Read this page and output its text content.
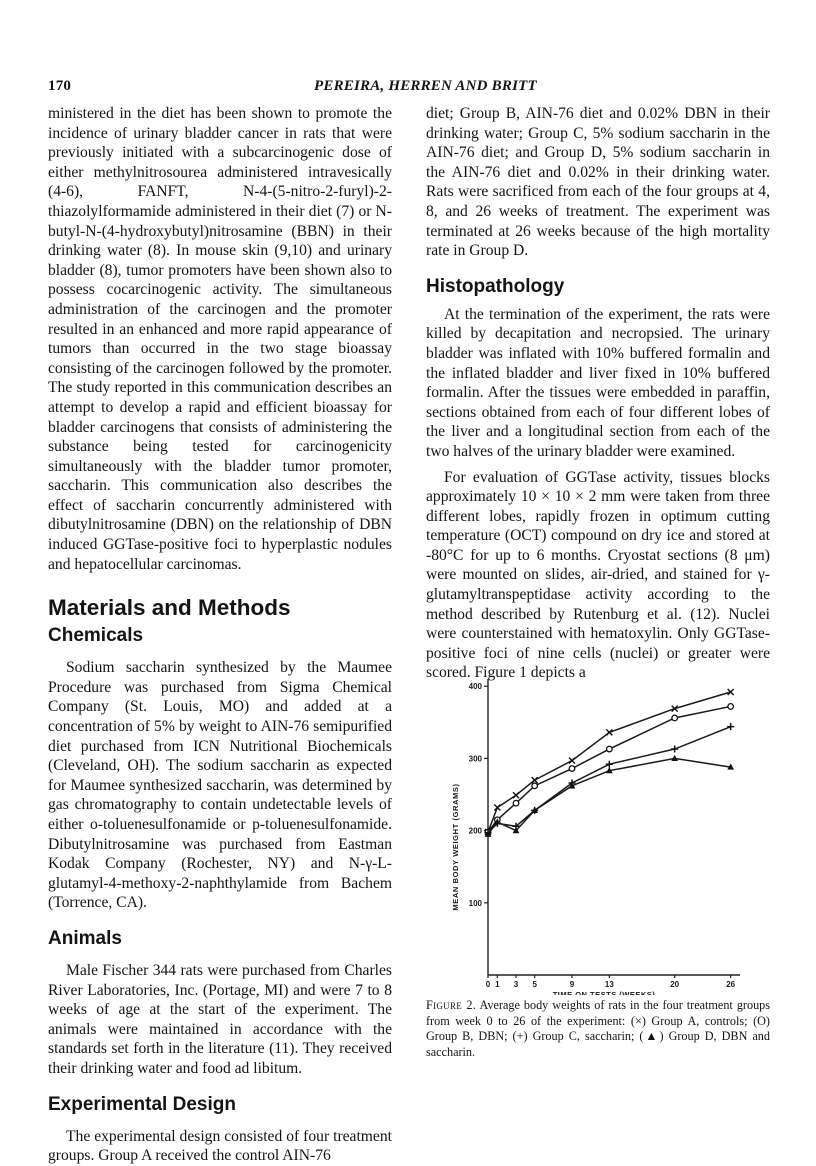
170	PEREIRA, HERREN AND BRITT

ministered in the diet has been shown to promote the incidence of urinary bladder cancer in rats that were previously initiated with a subcarcinogenic dose of either methylnitrosourea administered intravesically (4-6), FANFT, N-4-(5-nitro-2-furyl)-2-thiazolylformamide administered in their diet (7) or N-butyl-N-(4-hydroxybutyl)nitrosamine (BBN) in their drinking water (8). In mouse skin (9,10) and urinary bladder (8), tumor promoters have been shown also to possess cocarcinogenic activity. The simultaneous administration of the carcinogen and the promoter resulted in an enhanced and more rapid appearance of tumors than occurred in the two stage bioassay consisting of the carcinogen followed by the promoter. The study reported in this communication describes an attempt to develop a rapid and efficient bioassay for bladder carcinogens that consists of administering the substance being tested for carcinogenicity simultaneously with the bladder tumor promoter, saccharin. This communication also describes the effect of saccharin concurrently administered with dibutylnitrosamine (DBN) on the relationship of DBN induced GGTase-positive foci to hyperplastic nodules and hepatocellular carcinomas.

Materials and Methods
Chemicals

Sodium saccharin synthesized by the Maumee Procedure was purchased from Sigma Chemical Company (St. Louis, MO) and added at a concentration of 5% by weight to AIN-76 semipurified diet purchased from ICN Nutritional Biochemicals (Cleveland, OH). The sodium saccharin as expected for Maumee synthesized saccharin, was determined by gas chromatography to contain undetectable levels of either o-toluenesulfonamide or p-toluenesulfonamide. Dibutylnitrosamine was purchased from Eastman Kodak Company (Rochester, NY) and N-γ-L-glutamyl-4-methoxy-2-naphthylamide from Bachem (Torrence, CA).

Animals

Male Fischer 344 rats were purchased from Charles River Laboratories, Inc. (Portage, MI) and were 7 to 8 weeks of age at the start of the experiment. The animals were maintained in accordance with the standards set forth in the literature (11). They received their drinking water and food ad libitum.

Experimental Design

The experimental design consisted of four treatment groups. Group A received the control AIN-76

diet; Group B, AIN-76 diet and 0.02% DBN in their drinking water; Group C, 5% sodium saccharin in the AIN-76 diet; and Group D, 5% sodium saccharin in the AIN-76 diet and 0.02% in their drinking water. Rats were sacrificed from each of the four groups at 4, 8, and 26 weeks of treatment. The experiment was terminated at 26 weeks because of the high mortality rate in Group D.

Histopathology

At the termination of the experiment, the rats were killed by decapitation and necropsied. The urinary bladder was inflated with 10% buffered formalin and the inflated bladder and liver fixed in 10% buffered formalin. After the tissues were embedded in paraffin, sections obtained from each of four different lobes of the liver and a longitudinal section from each of the two halves of the urinary bladder were examined.

For evaluation of GGTase activity, tissues blocks approximately 10 × 10 × 2 mm were taken from three different lobes, rapidly frozen in optimum cutting temperature (OCT) compound on dry ice and stored at -80°C for up to 6 months. Cryostat sections (8 μm) were mounted on slides, air-dried, and stained for γ-glutamyltranspeptidase activity according to the method described by Rutenburg et al. (12). Nuclei were counterstained with hematoxylin. Only GGTase-positive foci of nine cells (nuclei) or greater were scored. Figure 1 depicts a

100
200
300
400
0 1 3 5	9	13	20	26
TIME ON TESTS (WEEKS)
MEAN BODY WEIGHT (GRAMS)
Figure 2. Average body weights of rats in the four treatment groups from week 0 to 26 of the experiment: (×) Group A, controls; (O) Group B, DBN; (+) Group C, saccharin; (▲) Group D, DBN and saccharin.
